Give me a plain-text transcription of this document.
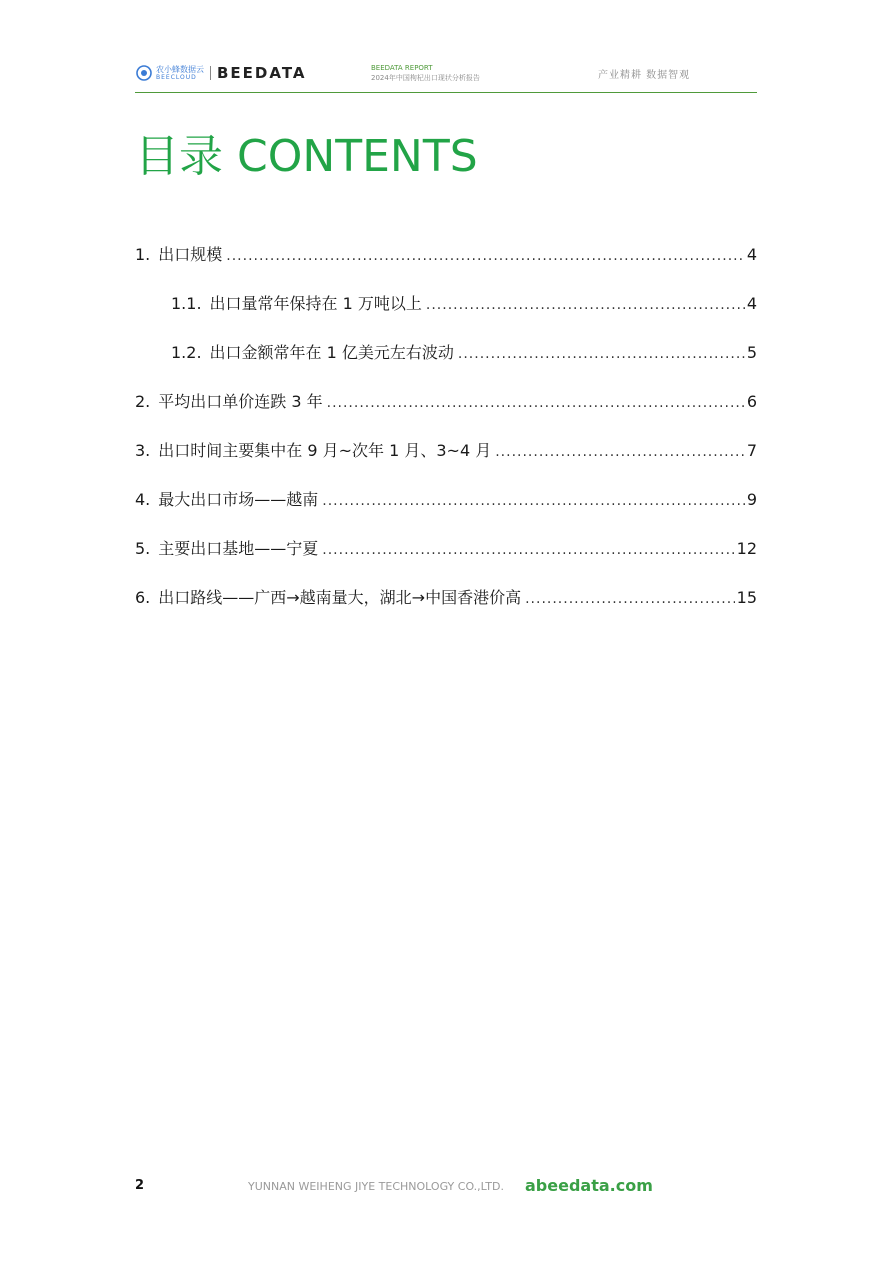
农小蜂数据云
BEECLOUD	BEEDATA	BEEDATA REPORT
2024年中国枸杞出口现状分析报告	产业精耕 数据智观
目录 CONTENTS
1. 出口规模 .....	4
1.1. 出口量常年保持在 1 万吨以上 .....	4
1.2. 出口金额常年在 1 亿美元左右波动 .....	5
2. 平均出口单价连跌 3 年 .....	6
3. 出口时间主要集中在 9 月~次年 1 月、3~4 月 .....	7
4. 最大出口市场——越南 .....	9
5. 主要出口基地——宁夏 .....	12
6. 出口路线——广西→越南量大，湖北→中国香港价高 .....	15
2	YUNNAN WEIHENG JIYE TECHNOLOGY CO.,LTD. abeedata.com
